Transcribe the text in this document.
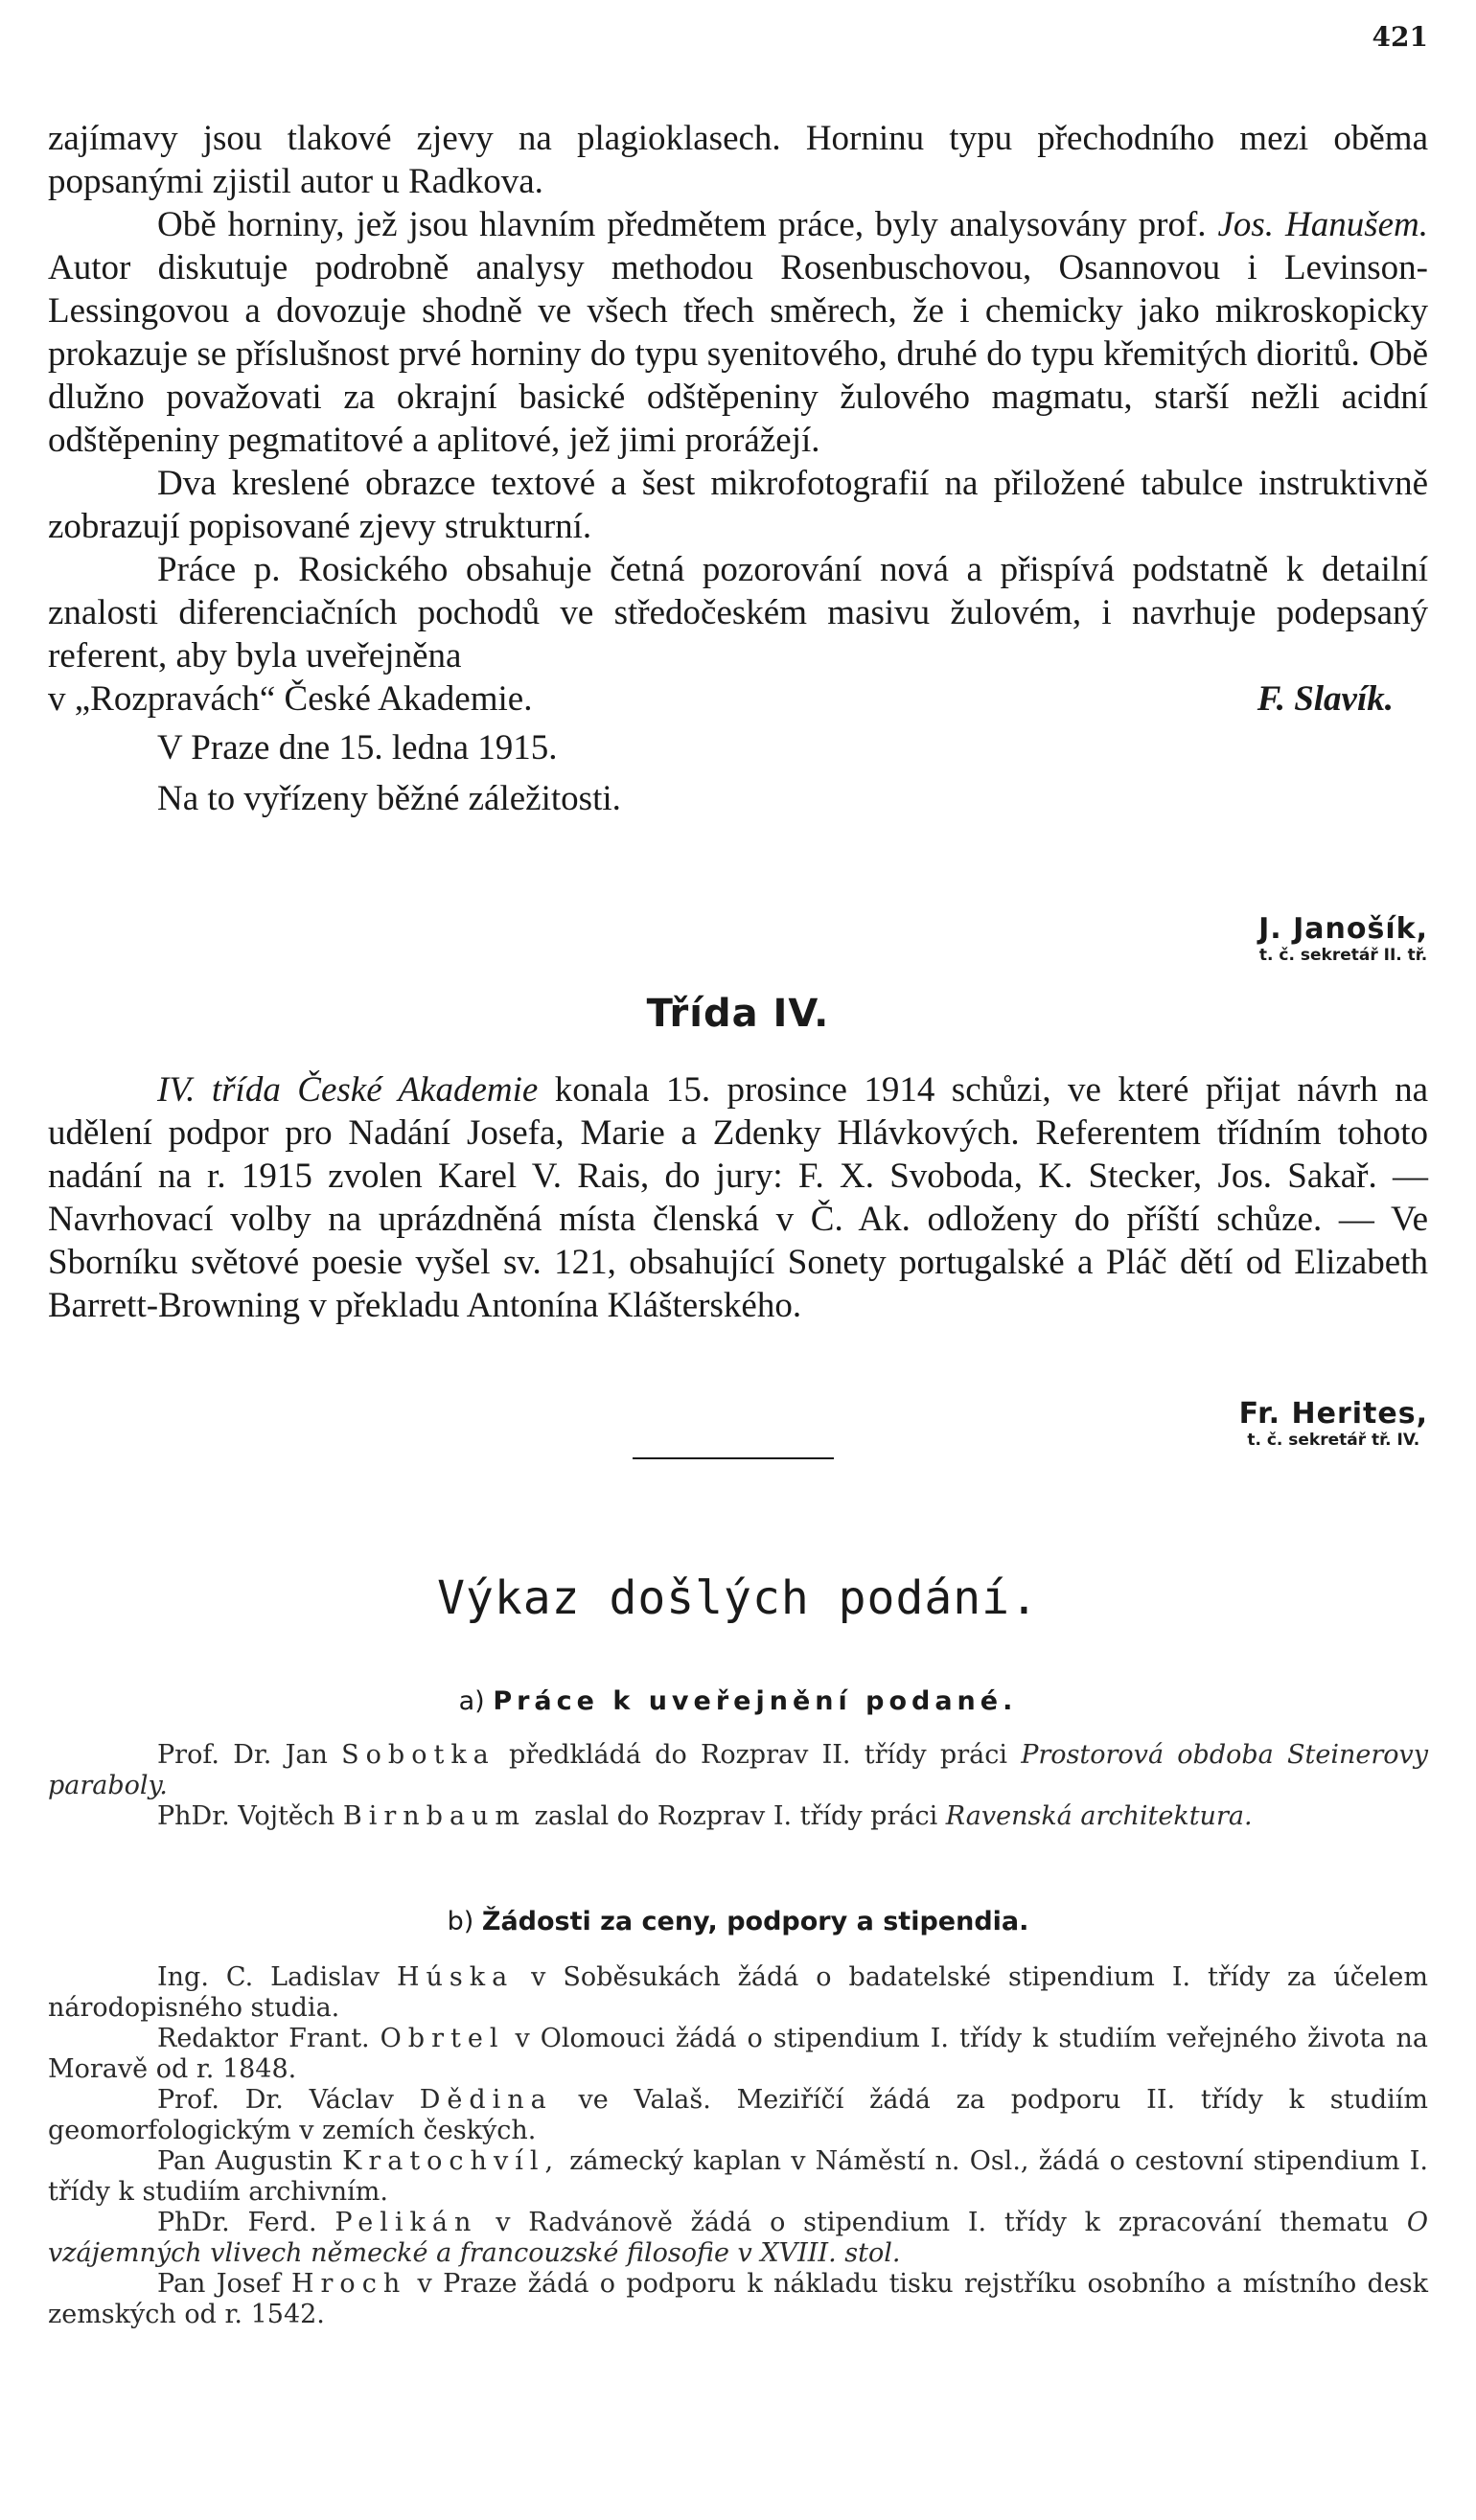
421

zajímavy jsou tlakové zjevy na plagioklasech. Horninu typu přechodního mezi oběma popsanými zjistil autor u Radkova.

Obě horniny, jež jsou hlavním předmětem práce, byly analysovány prof. Jos. Hanušem. Autor diskutuje podrobně analysy methodou Rosenbuschovou, Osannovou i Levinson-Lessingovou a dovozuje shodně ve všech třech směrech, že i chemicky jako mikroskopicky prokazuje se příslušnost prvé horniny do typu syenitového, druhé do typu křemitých dioritů. Obě dlužno považovati za okrajní basické odštěpeniny žulového magmatu, starší nežli acidní odštěpeniny pegmatitové a aplitové, jež jimi prorážejí.

Dva kreslené obrazce textové a šest mikrofotografií na přiložené tabulce instruktivně zobrazují popisované zjevy strukturní.

Práce p. Rosického obsahuje četná pozorování nová a přispívá podstatně k detailní znalosti diferenciačních pochodů ve středočeském masivu žulovém, i navrhuje podepsaný referent, aby byla uveřejněna

v „Rozpravách“ České Akademie.	F. Slavík.

V Praze dne 15. ledna 1915.

Na to vyřízeny běžné záležitosti.

J. Janošík,
t. č. sekretář II. tř.
Třída IV.

IV. třída České Akademie konala 15. prosince 1914 schůzi, ve které přijat návrh na udělení podpor pro Nadání Josefa, Marie a Zdenky Hlávkových. Referentem třídním tohoto nadání na r. 1915 zvolen Karel V. Rais, do jury: F. X. Svoboda, K. Stecker, Jos. Sakař. — Navrhovací volby na uprázdněná místa členská v Č. Ak. odloženy do příští schůze. — Ve Sborníku světové poesie vyšel sv. 121, obsahující Sonety portugalské a Pláč dětí od Elizabeth Barrett-Browning v překladu Antonína Klášterského.

Fr. Herites,
t. č. sekretář tř. IV.
Výkaz došlých podání.
a) Práce k uveřejnění podané.

Prof. Dr. Jan Sobotka předkládá do Rozprav II. třídy práci Prostorová obdoba Steinerovy paraboly.

PhDr. Vojtěch Birnbaum zaslal do Rozprav I. třídy práci Ravenská architektura.

b) Žádosti za ceny, podpory a stipendia.

Ing. C. Ladislav Húska v Soběsukách žádá o badatelské stipendium I. třídy za účelem národopisného studia.

Redaktor Frant. Obrtel v Olomouci žádá o stipendium I. třídy k studiím veřejného života na Moravě od r. 1848.

Prof. Dr. Václav Dědina ve Valaš. Meziříčí žádá za podporu II. třídy k studiím geomorfologickým v zemích českých.

Pan Augustin Kratochvíl, zámecký kaplan v Náměstí n. Osl., žádá o cestovní stipendium I. třídy k studiím archivním.

PhDr. Ferd. Pelikán v Radvánově žádá o stipendium I. třídy k zpracování thematu O vzájemných vlivech německé a francouzské filosofie v XVIII. stol.

Pan Josef Hroch v Praze žádá o podporu k nákladu tisku rejstříku osobního a místního desk zemských od r. 1542.
